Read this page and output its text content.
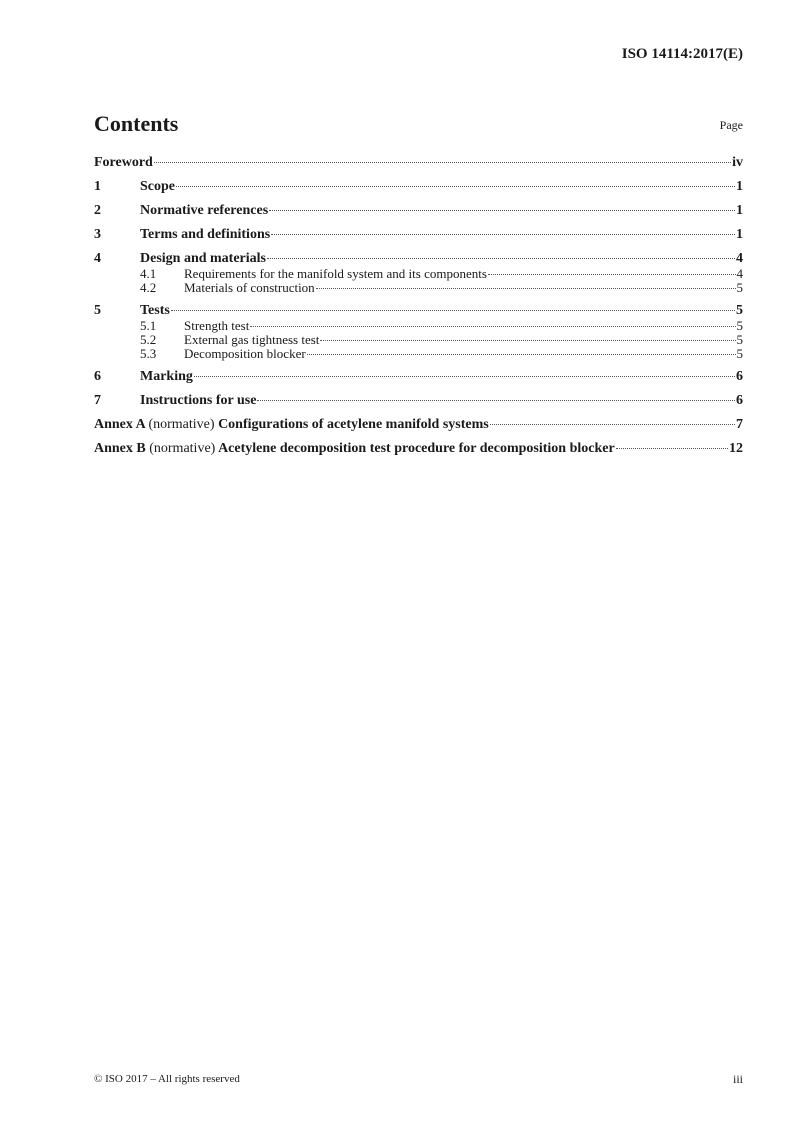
ISO 14114:2017(E)
Contents	Page
Foreword	iv
1	Scope	1
2	Normative references	1
3	Terms and definitions	1
4	Design and materials	4
4.1	Requirements for the manifold system and its components	4
4.2	Materials of construction	5
5	Tests	5
5.1	Strength test	5
5.2	External gas tightness test	5
5.3	Decomposition blocker	5
6	Marking	6
7	Instructions for use	6
Annex A (normative) Configurations of acetylene manifold systems	7
Annex B (normative) Acetylene decomposition test procedure for decomposition blocker	12
© ISO 2017 – All rights reserved	iii
